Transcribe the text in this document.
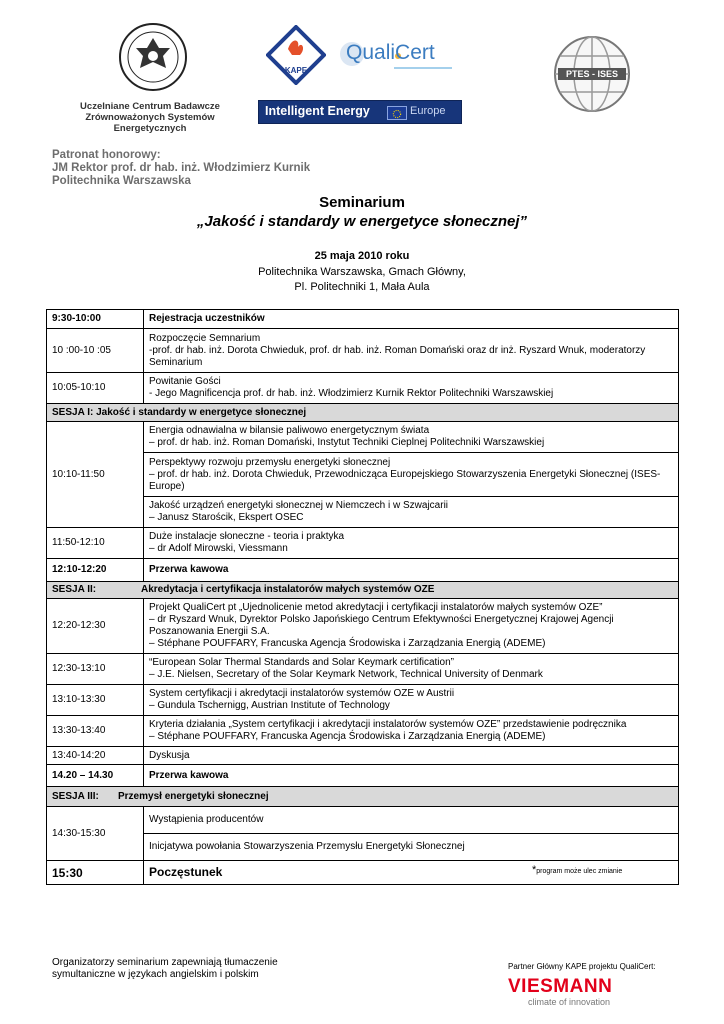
Uczelniane Centrum Badawcze
Zrównoważonych Systemów
Energetycznych
KAPE
QualiCert
Intelligent Energy	Europe
PTES - ISES
Patronat honorowy:
JM Rektor prof. dr hab. inż. Włodzimierz Kurnik
Politechnika Warszawska
Seminarium
„Jakość i standardy w energetyce słonecznej”
25 maja 2010 roku
Politechnika Warszawska, Gmach Główny,
Pl. Politechniki 1, Mała Aula
9:30-10:00	Rejestracja uczestników
10 :00-10 :05	Rozpoczęcie Semnarium
-prof. dr hab. inż. Dorota Chwieduk, prof. dr hab. inż. Roman Domański oraz dr inż. Ryszard Wnuk, moderatorzy
Seminarium

10:05-10:10	Powitanie Gości
- Jego Magnificencja prof. dr hab. inż. Włodzimierz Kurnik Rektor Politechniki Warszawskiej

SESJA I: Jakość i standardy w energetyce słonecznej	
10:10-11:50	Energia odnawialna w bilansie paliwowo energetycznym świata
– prof. dr hab. inż. Roman Domański, Instytut Techniki Cieplnej Politechniki Warszawskiej

	Perspektywy rozwoju przemysłu energetyki słonecznej
– prof. dr hab. inż. Dorota Chwieduk, Przewodnicząca Europejskiego Stowarzyszenia Energetyki Słonecznej (ISES-
Europe)

	Jakość urządzeń energetyki słonecznej w Niemczech i w Szwajcarii
– Janusz Starościk, Ekspert OSEC

11:50-12:10	Duże instalacje słoneczne - teoria i praktyka
– dr Adolf Mirowski, Viessmann

12:10-12:20	Przerwa kawowa
SESJA II: Akredytacja i certyfikacja instalatorów małych systemów OZE	
12:20-12:30	Projekt QualiCert pt „Ujednolicenie metod akredytacji i certyfikacji instalatorów małych systemów OZE”
– dr Ryszard Wnuk, Dyrektor Polsko Japońskiego Centrum Efektywności Energetycznej Krajowej Agencji
Poszanowania Energii S.A.
– Stéphane POUFFARY, Francuska Agencja Środowiska i Zarządzania Energią (ADEME)

12:30-13:10	“European Solar Thermal Standards and Solar Keymark certification”
– J.E. Nielsen, Secretary of the Solar Keymark Network, Technical University of Denmark

13:10-13:30	System certyfikacji i akredytacji instalatorów systemów OZE w Austrii
– Gundula Tschernigg, Austrian Institute of Technology

13:30-13:40	Kryteria działania „System certyfikacji i akredytacji instalatorów systemów OZE” przedstawienie podręcznika
– Stéphane POUFFARY, Francuska Agencja Środowiska i Zarządzania Energią (ADEME)

13:40-14:20	Dyskusja
14.20 – 14.30	Przerwa kawowa
SESJA III: Przemysł energetyki słonecznej	
14:30-15:30	Wystąpienia producentów
	Inicjatywa powołania Stowarzyszenia Przemysłu Energetyki Słonecznej
15:30	Poczęstunek *program może ulec zmianie
Organizatorzy seminarium zapewniają tłumaczenie
symultaniczne w językach angielskim i polskim
Partner Główny KAPE projektu QualiCert:
VIESMANN
climate of innovation
